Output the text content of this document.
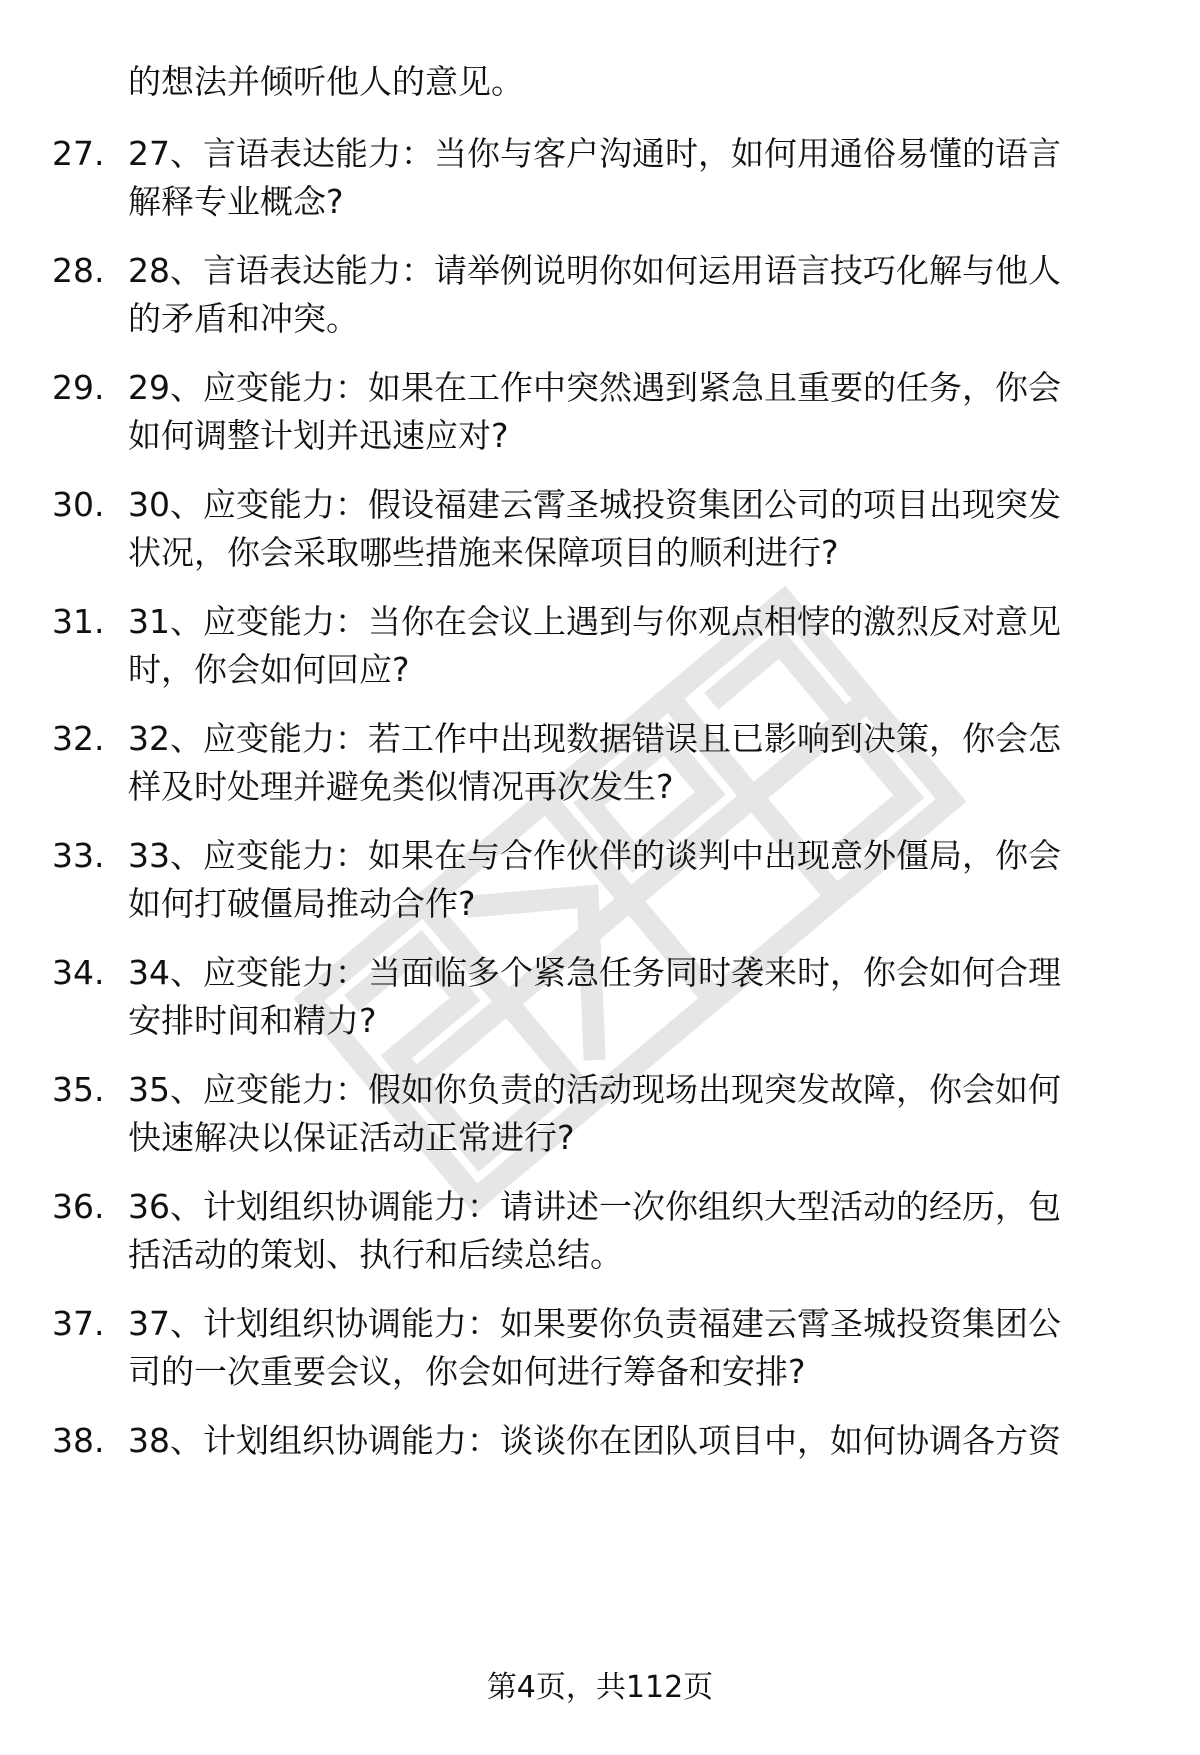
的想法并倾听他人的意见。
27. 27、言语表达能力：当你与客户沟通时，如何用通俗易懂的语言
解释专业概念?
28. 28、言语表达能力：请举例说明你如何运用语言技巧化解与他人
的矛盾和冲突。
29. 29、应变能力：如果在工作中突然遇到紧急且重要的任务，你会
如何调整计划并迅速应对?
30. 30、应变能力：假设福建云霄圣城投资集团公司的项目出现突发
状况，你会采取哪些措施来保障项目的顺利进行?
31. 31、应变能力：当你在会议上遇到与你观点相悖的激烈反对意见
时，你会如何回应?
32. 32、应变能力：若工作中出现数据错误且已影响到决策，你会怎
样及时处理并避免类似情况再次发生?
33. 33、应变能力：如果在与合作伙伴的谈判中出现意外僵局，你会
如何打破僵局推动合作?
34. 34、应变能力：当面临多个紧急任务同时袭来时，你会如何合理
安排时间和精力?
35. 35、应变能力：假如你负责的活动现场出现突发故障，你会如何
快速解决以保证活动正常进行?
36. 36、计划组织协调能力：请讲述一次你组织大型活动的经历，包
括活动的策划、执行和后续总结。
37. 37、计划组织协调能力：如果要你负责福建云霄圣城投资集团公
司的一次重要会议，你会如何进行筹备和安排?
38. 38、计划组织协调能力：谈谈你在团队项目中，如何协调各方资
第4页，共112页
